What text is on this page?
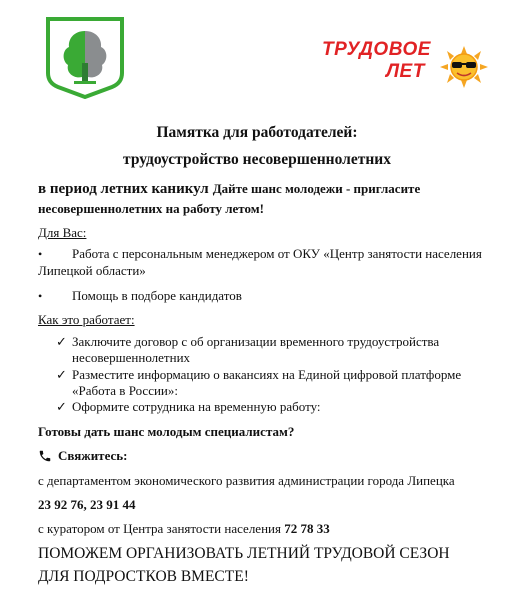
ТРУДОВОЕ
ЛЕТ
Памятка для работодателей:
трудоустройство несовершеннолетних
в период летних каникул Дайте шанс молодежи - пригласите
несовершеннолетних на работу летом!
Для Вас:
• Работа с персональным менеджером от ОКУ «Центр занятости населения
Липецкой области»
• Помощь в подборе кандидатов
Как это работает:
✓ Заключите договор с об организации временного трудоустройства
несовершеннолетних
✓ Разместите информацию о вакансиях на Единой цифровой платформе
«Работа в России»:
✓ Оформите сотрудника на временную работу:
Готовы дать шанс молодым специалистам?
Свяжитесь:
с департаментом экономического развития администрации города Липецка
23 92 76, 23 91 44
с куратором от Центра занятости населения 72 78 33
ПОМОЖЕМ ОРГАНИЗОВАТЬ ЛЕТНИЙ ТРУДОВОЙ СЕЗОН
ДЛЯ ПОДРОСТКОВ ВМЕСТЕ!
